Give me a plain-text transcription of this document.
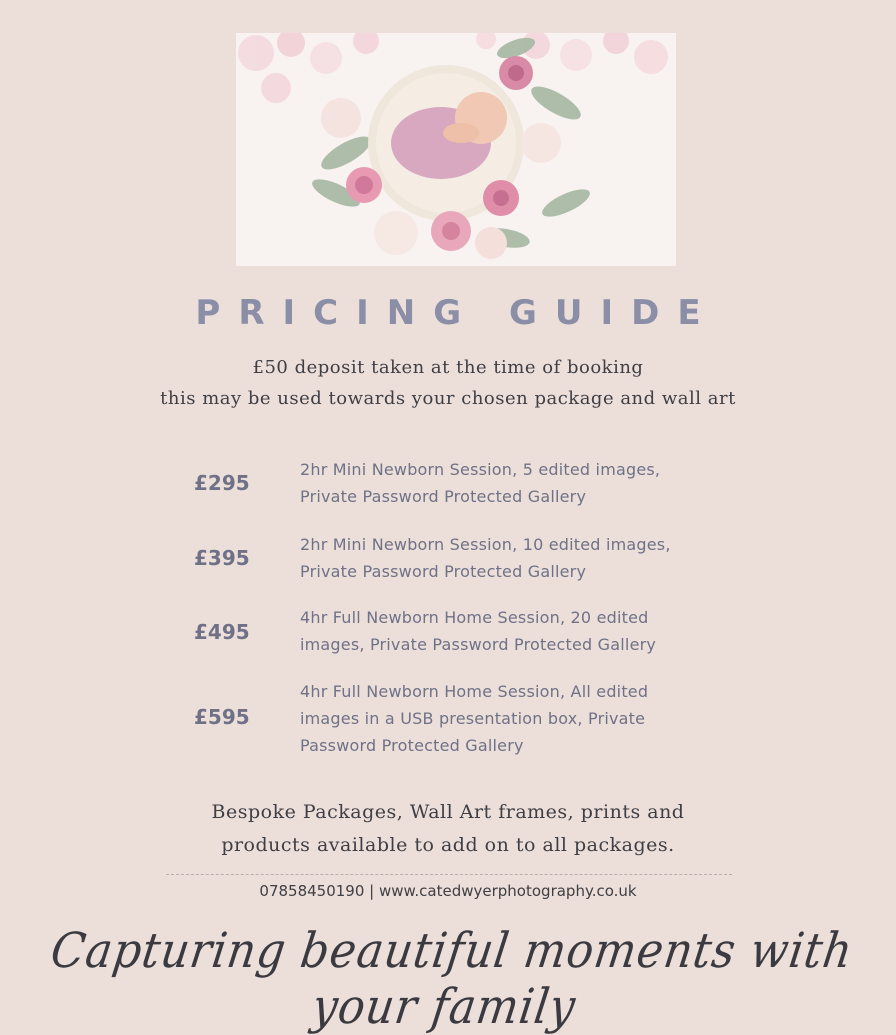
PRICING GUIDE
£50 deposit taken at the time of booking
this may be used towards your chosen package and wall art
£295
2hr Mini Newborn Session, 5 edited images,
Private Password Protected Gallery
£395
2hr Mini Newborn Session, 10 edited images,
Private Password Protected Gallery
£495
4hr Full Newborn Home Session, 20 edited
images, Private Password Protected Gallery
£595
4hr Full Newborn Home Session, All edited
images in a USB presentation box, Private
Password Protected Gallery
Bespoke Packages, Wall Art frames, prints and
products available to add on to all packages.
07858450190 | www.catedwyerphotography.co.uk
Capturing beautiful moments with your family
